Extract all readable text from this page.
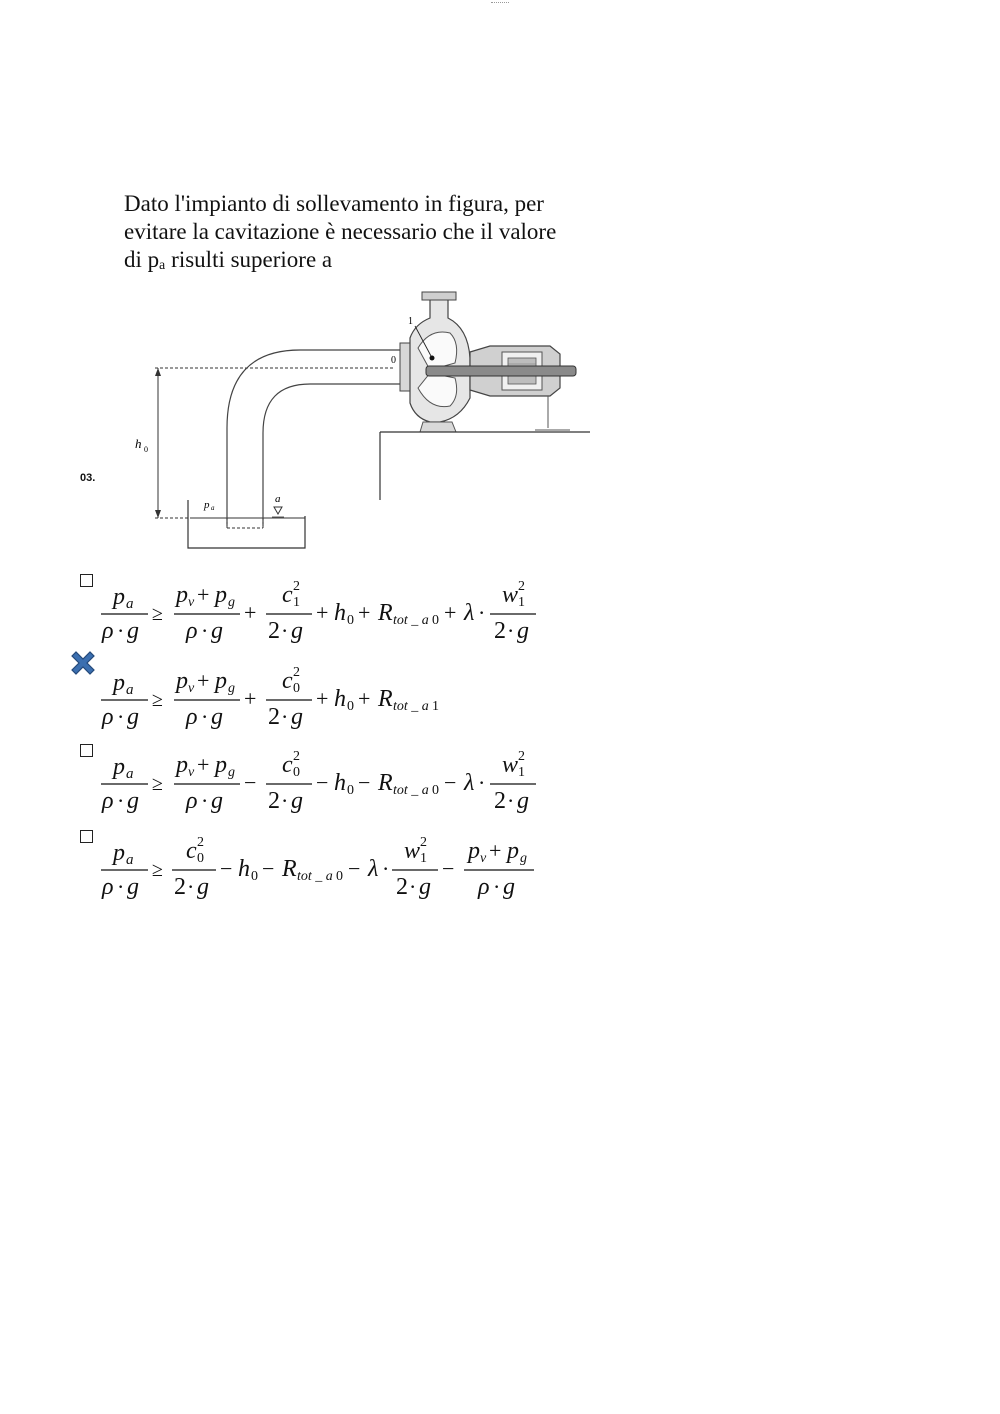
Dato l'impianto di sollevamento in figura, per
evitare la cavitazione è necessario che il valore
di pₐ risulti superiore a
03.
h 0
p a
a
0
1
p a
ρ · g
≥
p v + p g
ρ · g
+
c 1
2
2 · g
+ h 0 + R tot _ a 0 + λ ·
w 1
2
2 · g
p a
ρ · g
≥
p v + p g
ρ · g
+
c 0
2
2 · g
+ h 0 + R tot _ a 1
p a
ρ · g
≥
p v + p g
ρ · g
−
c 0
2
2 · g
− h 0 − R tot _ a 0 − λ ·
w 1
2
2 · g
p a
ρ · g
≥
c 0
2
2 · g
− h 0 − R tot _ a 0 − λ ·
w 1
2
2 · g
−
p v + p g
ρ · g
